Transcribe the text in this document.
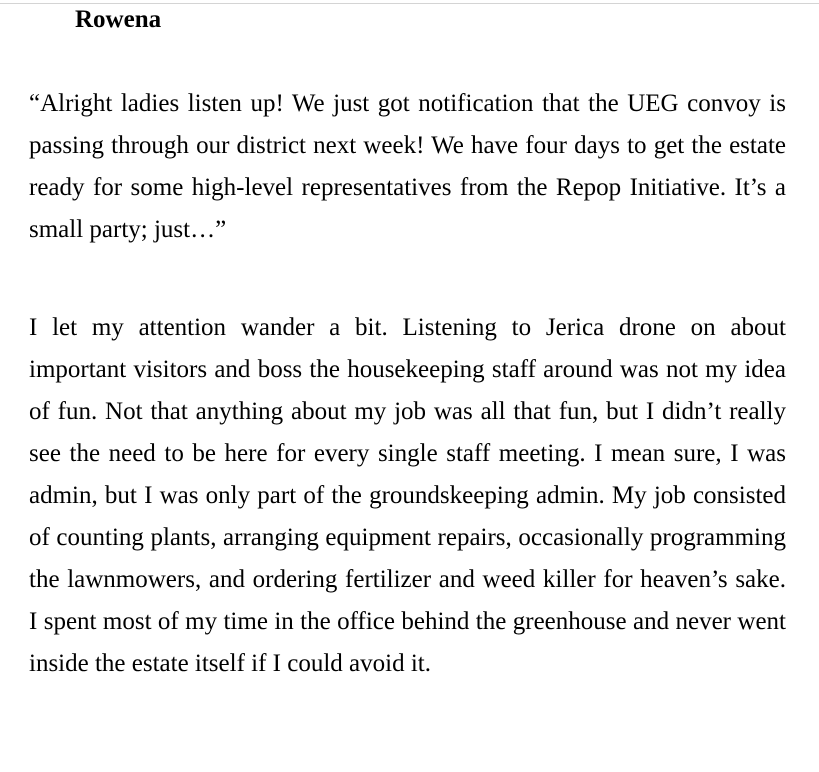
Rowena

“Alright ladies listen up! We just got notification that the UEG convoy is passing through our district next week! We have four days to get the estate ready for some high-level representatives from the Repop Initiative. It’s a small party; just…”

I let my attention wander a bit. Listening to Jerica drone on about important visitors and boss the housekeeping staff around was not my idea of fun. Not that anything about my job was all that fun, but I didn’t really see the need to be here for every single staff meeting. I mean sure, I was admin, but I was only part of the groundskeeping admin. My job consisted of counting plants, arranging equipment repairs, occasionally programming the lawnmowers, and ordering fertilizer and weed killer for heaven’s sake. I spent most of my time in the office behind the greenhouse and never went inside the estate itself if I could avoid it.
